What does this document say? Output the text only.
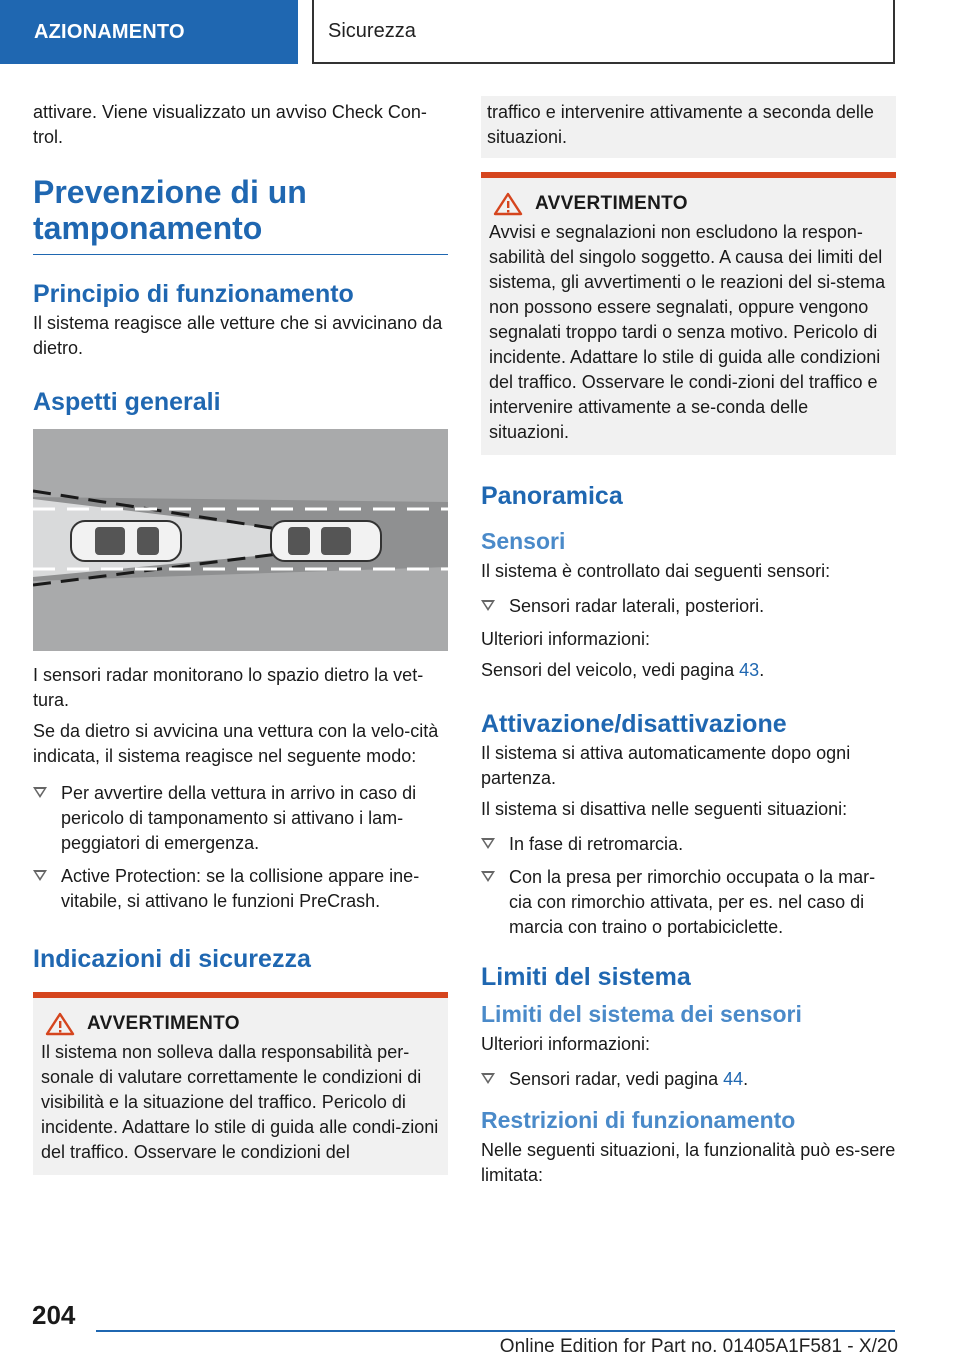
AZIONAMENTO	Sicurezza

attivare. Viene visualizzato un avviso Check Con-trol.

Prevenzione di un tamponamento
Principio di funzionamento

Il sistema reagisce alle vetture che si avvicinano da dietro.

Aspetti generali

I sensori radar monitorano lo spazio dietro la vet-tura.

Se da dietro si avvicina una vettura con la velo-cità indicata, il sistema reagisce nel seguente modo:

Per avvertire della vettura in arrivo in caso di pericolo di tamponamento si attivano i lam-peggiatori di emergenza.
Active Protection: se la collisione appare ine-vitabile, si attivano le funzioni PreCrash.
Indicazioni di sicurezza
AVVERTIMENTO

Il sistema non solleva dalla responsabilità per-sonale di valutare correttamente le condizioni di visibilità e la situazione del traffico. Pericolo di incidente. Adattare lo stile di guida alle condi-zioni del traffico. Osservare le condizioni del

traffico e intervenire attivamente a seconda delle situazioni.

AVVERTIMENTO

Avvisi e segnalazioni non escludono la respon-sabilità del singolo soggetto. A causa dei limiti del sistema, gli avvertimenti o le reazioni del si-stema non possono essere segnalati, oppure vengono segnalati troppo tardi o senza motivo. Pericolo di incidente. Adattare lo stile di guida alle condizioni del traffico. Osservare le condi-zioni del traffico e intervenire attivamente a se-conda delle situazioni.

Panoramica
Sensori

Il sistema è controllato dai seguenti sensori:

Sensori radar laterali, posteriori.

Ulteriori informazioni:

Sensori del veicolo, vedi pagina 43.

Attivazione/disattivazione

Il sistema si attiva automaticamente dopo ogni partenza.

Il sistema si disattiva nelle seguenti situazioni:

In fase di retromarcia.
Con la presa per rimorchio occupata o la mar-cia con rimorchio attivata, per es. nel caso di marcia con traino o portabiciclette.
Limiti del sistema
Limiti del sistema dei sensori

Ulteriori informazioni:

Sensori radar, vedi pagina 44.
Restrizioni di funzionamento

Nelle seguenti situazioni, la funzionalità può es-sere limitata:

204
Online Edition for Part no. 01405A1F581 - X/20
